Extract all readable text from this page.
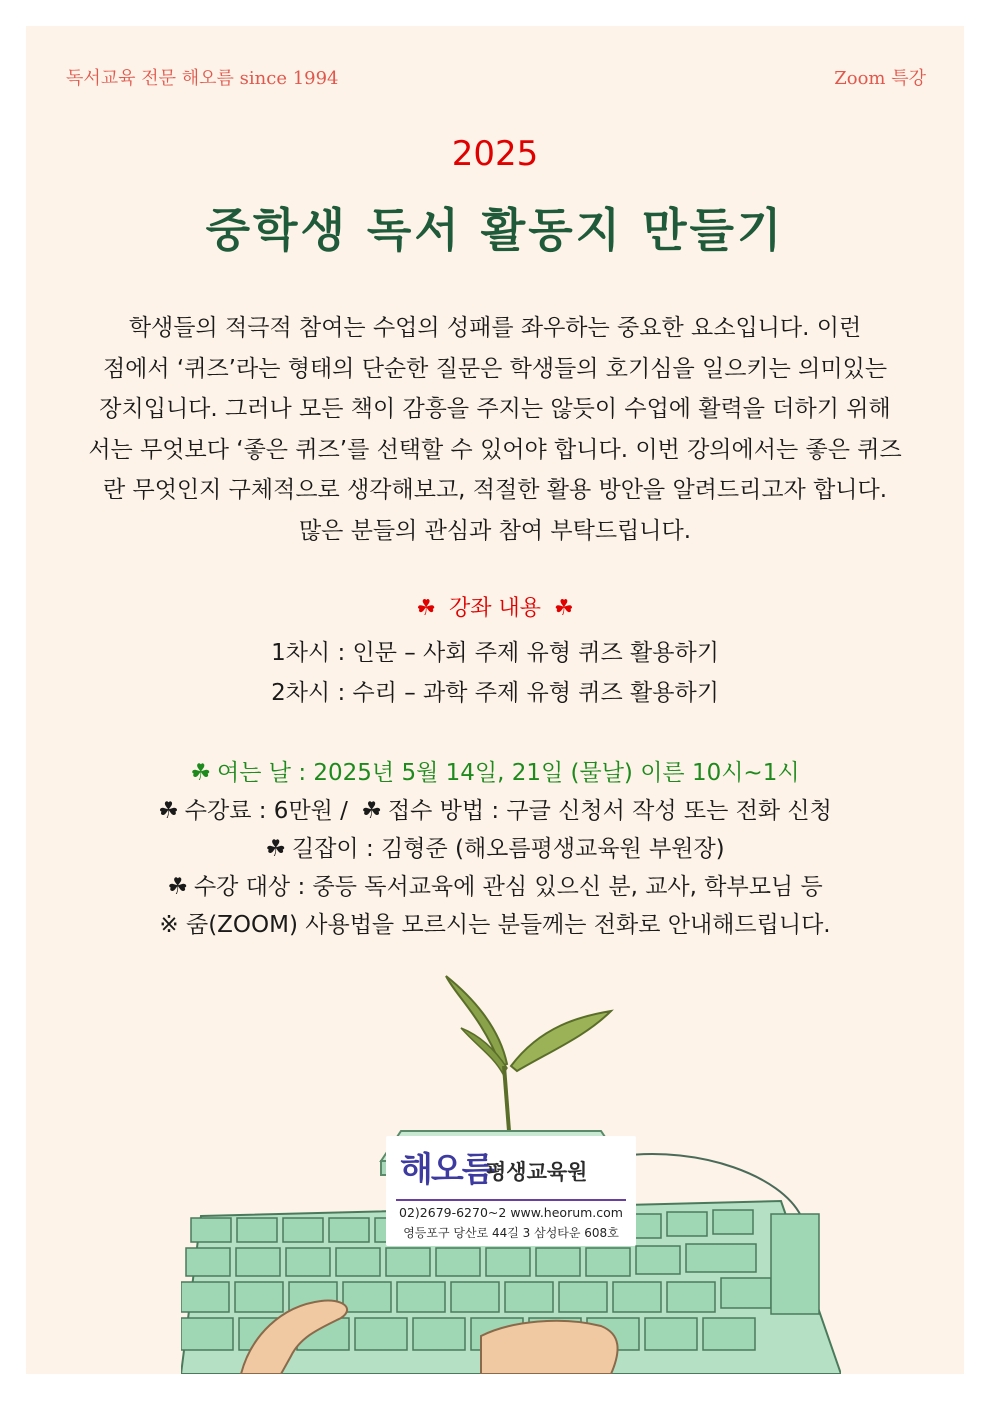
독서교육 전문 해오름 since 1994	Zoom 특강
2025
중학생 독서 활동지 만들기
학생들의 적극적 참여는 수업의 성패를 좌우하는 중요한 요소입니다. 이런
점에서 ‘퀴즈’라는 형태의 단순한 질문은 학생들의 호기심을 일으키는 의미있는
장치입니다. 그러나 모든 책이 감흥을 주지는 않듯이 수업에 활력을 더하기 위해
서는 무엇보다 ‘좋은 퀴즈’를 선택할 수 있어야 합니다. 이번 강의에서는 좋은 퀴즈
란 무엇인지 구체적으로 생각해보고, 적절한 활용 방안을 알려드리고자 합니다.
많은 분들의 관심과 참여 부탁드립니다.
☘ 강좌 내용 ☘
1차시 : 인문 – 사회 주제 유형 퀴즈 활용하기
2차시 : 수리 – 과학 주제 유형 퀴즈 활용하기
☘ 여는 날 : 2025년 5월 14일, 21일 (물날) 이른 10시~1시
☘ 수강료 : 6만원 / ☘ 접수 방법 : 구글 신청서 작성 또는 전화 신청
☘ 길잡이 : 김형준 (해오름평생교육원 부원장)
☘ 수강 대상 : 중등 독서교육에 관심 있으신 분, 교사, 학부모님 등
※ 줌(ZOOM) 사용법을 모르시는 분들께는 전화로 안내해드립니다.
해오름
평생교육원
02)2679-6270~2 www.heorum.com
영등포구 당산로 44길 3 삼성타운 608호
